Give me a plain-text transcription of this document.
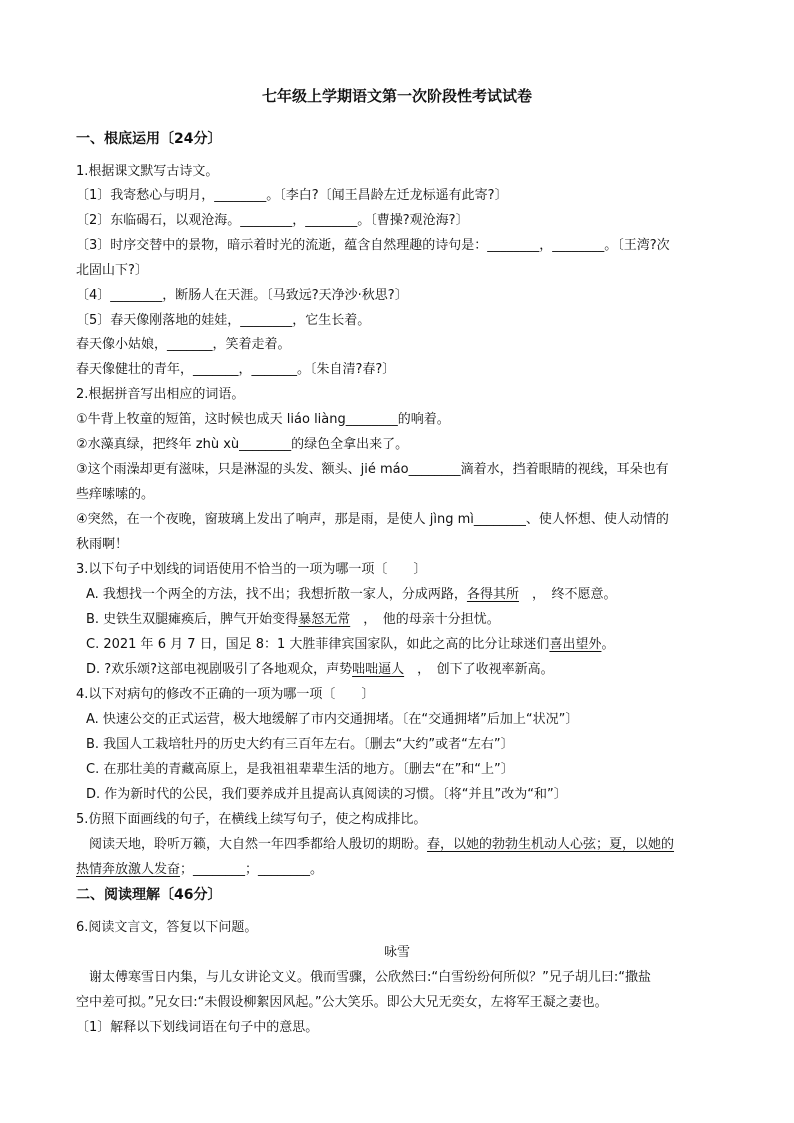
七年级上学期语文第一次阶段性考试试卷
一、根底运用〔24分〕
1.根据课文默写古诗文。
〔1〕我寄愁心与明月，________。〔李白?〔闻王昌龄左迁龙标遥有此寄?〕
〔2〕东临碣石，以观沧海。________，________。〔曹操?观沧海?〕
〔3〕时序交替中的景物，暗示着时光的流逝，蕴含自然理趣的诗句是：________，________。〔王湾?次
北固山下?〕
〔4〕________，断肠人在天涯。〔马致远?天净沙·秋思?〕
〔5〕春天像刚落地的娃娃，________，它生长着。
春天像小姑娘，_______，笑着走着。
春天像健壮的青年，_______，_______。〔朱自清?春?〕
2.根据拼音写出相应的词语。
①牛背上牧童的短笛，这时候也成天 liáo liàng________的响着。
②水藻真绿，把终年 zhù xù________的绿色全拿出来了。
③这个雨澡却更有滋味，只是淋湿的头发、额头、jié máo________滴着水，挡着眼睛的视线，耳朵也有
些痒嗦嗦的。
④突然，在一个夜晚，窗玻璃上发出了响声，那是雨，是使人 jìng mì________、使人怀想、使人动情的
秋雨啊！
3.以下句子中划线的词语使用不恰当的一项为哪一项〔　　〕
A. 我想找一个两全的方法，找不出；我想折散一家人，分成两路，各得其所　，　终不愿意。
B. 史铁生双腿瘫痪后，脾气开始变得暴怒无常　，　他的母亲十分担忧。
C. 2021 年 6 月 7 日，国足 8：1 大胜菲律宾国家队，如此之高的比分让球迷们喜出望外。
D. ?欢乐颂?这部电视剧吸引了各地观众，声势咄咄逼人　，　创下了收视率新高。
4.以下对病句的修改不正确的一项为哪一项〔　　〕
A. 快速公交的正式运营，极大地缓解了市内交通拥堵。〔在“交通拥堵”后加上“状况”〕
B. 我国人工栽培牡丹的历史大约有三百年左右。〔删去“大约”或者“左右”〕
C. 在那壮美的青藏高原上，是我祖祖辈辈生活的地方。〔删去“在”和“上”〕
D. 作为新时代的公民，我们要养成并且提高认真阅读的习惯。〔将“并且”改为“和”〕
5.仿照下面画线的句子，在横线上续写句子，使之构成排比。
　阅读天地，聆听万籁，大自然一年四季都给人殷切的期盼。春，以她的勃勃生机动人心弦；夏，以她的
热情奔放激人发奋；________；________。
二、阅读理解〔46分〕
6.阅读文言文，答复以下问题。
咏雪
　谢太傅寒雪日内集，与儿女讲论文义。俄而雪骤，公欣然曰:“白雪纷纷何所似？”兄子胡儿曰:“撒盐
空中差可拟。”兄女曰:“未假设柳絮因风起。”公大笑乐。即公大兄无奕女，左将军王凝之妻也。
〔1〕解释以下划线词语在句子中的意思。
